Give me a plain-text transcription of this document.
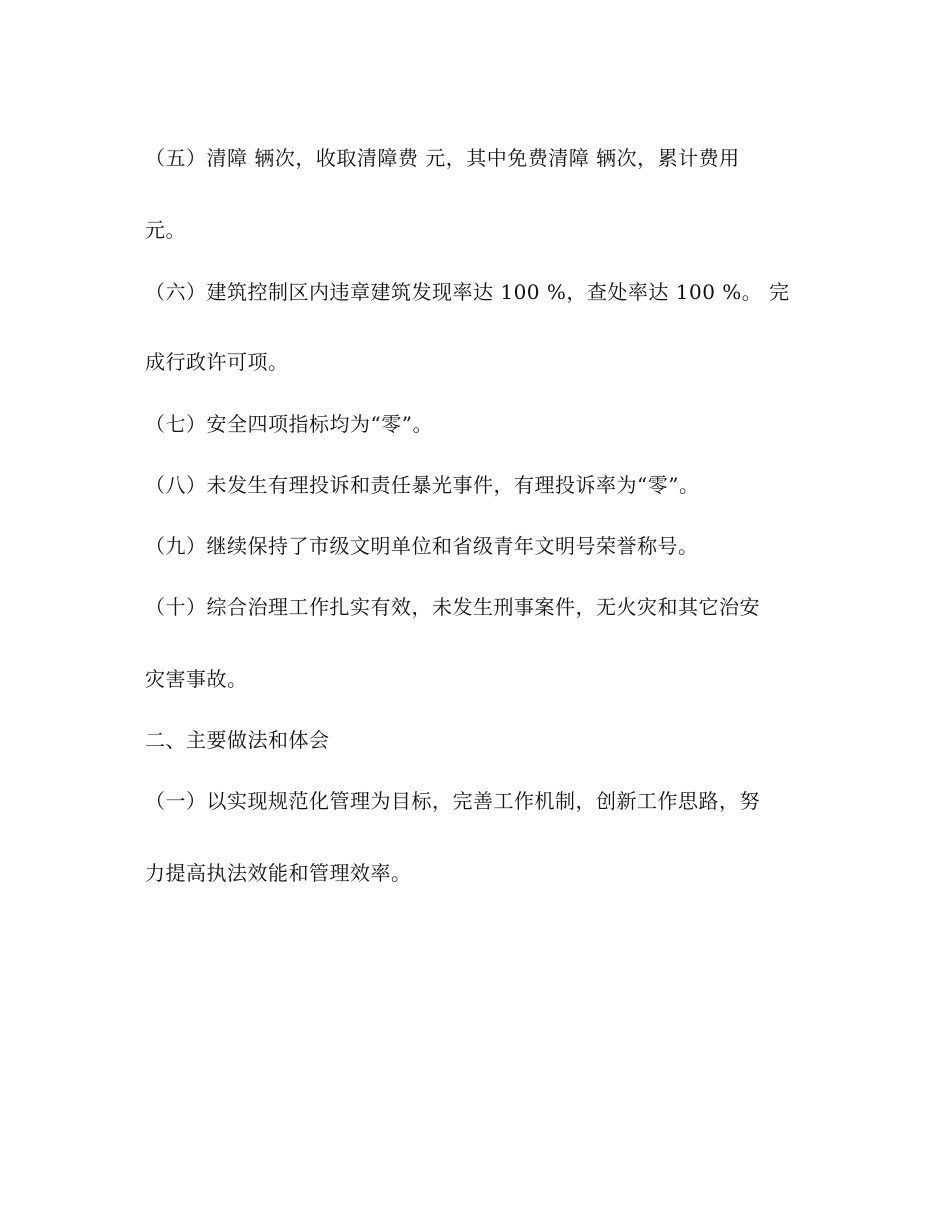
（五）清障 辆次，收取清障费 元，其中免费清障 辆次，累计费用
元。
（六）建筑控制区内违章建筑发现率达 100 %，查处率达 100 %。 完
成行政许可项。
（七）安全四项指标均为“零”。
（八）未发生有理投诉和责任暴光事件，有理投诉率为“零”。
（九）继续保持了市级文明单位和省级青年文明号荣誉称号。
（十）综合治理工作扎实有效，未发生刑事案件，无火灾和其它治安
灾害事故。
二、主要做法和体会
（一）以实现规范化管理为目标，完善工作机制，创新工作思路，努
力提高执法效能和管理效率。
